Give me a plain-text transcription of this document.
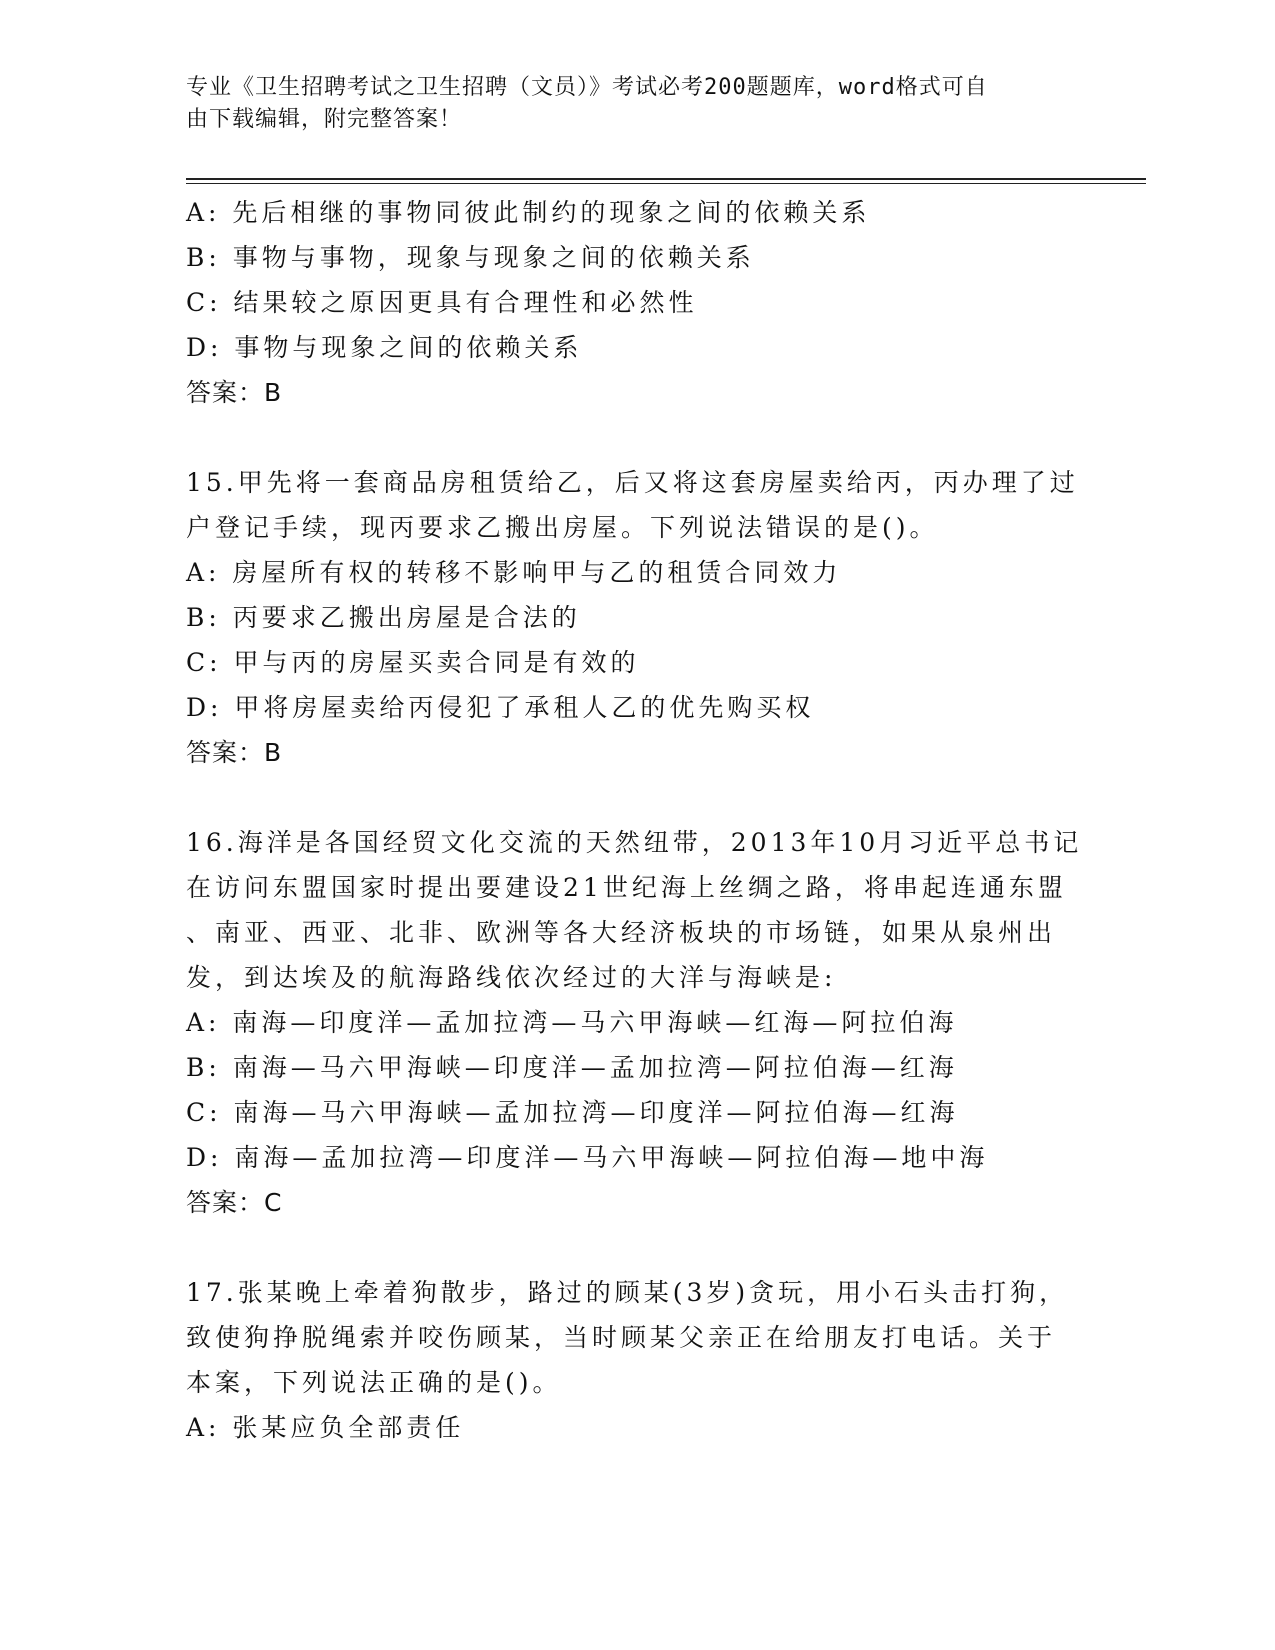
专业《卫生招聘考试之卫生招聘（文员）》考试必考200题题库，word格式可自
由下载编辑，附完整答案！
A: 先后相继的事物同彼此制约的现象之间的依赖关系
B: 事物与事物，现象与现象之间的依赖关系
C: 结果较之原因更具有合理性和必然性
D: 事物与现象之间的依赖关系
答案：B
15.甲先将一套商品房租赁给乙，后又将这套房屋卖给丙，丙办理了过
户登记手续，现丙要求乙搬出房屋。下列说法错误的是()。
A: 房屋所有权的转移不影响甲与乙的租赁合同效力
B: 丙要求乙搬出房屋是合法的
C: 甲与丙的房屋买卖合同是有效的
D: 甲将房屋卖给丙侵犯了承租人乙的优先购买权
答案：B
16.海洋是各国经贸文化交流的天然纽带，2013年10月习近平总书记
在访问东盟国家时提出要建设21世纪海上丝绸之路，将串起连通东盟
、南亚、西亚、北非、欧洲等各大经济板块的市场链，如果从泉州出
发，到达埃及的航海路线依次经过的大洋与海峡是:
A: 南海—印度洋—孟加拉湾—马六甲海峡—红海—阿拉伯海
B: 南海—马六甲海峡—印度洋—孟加拉湾—阿拉伯海—红海
C: 南海—马六甲海峡—孟加拉湾—印度洋—阿拉伯海—红海
D: 南海—孟加拉湾—印度洋—马六甲海峡—阿拉伯海—地中海
答案：C
17.张某晚上牵着狗散步，路过的顾某(3岁)贪玩，用小石头击打狗，
致使狗挣脱绳索并咬伤顾某，当时顾某父亲正在给朋友打电话。关于
本案，下列说法正确的是()。
A: 张某应负全部责任
